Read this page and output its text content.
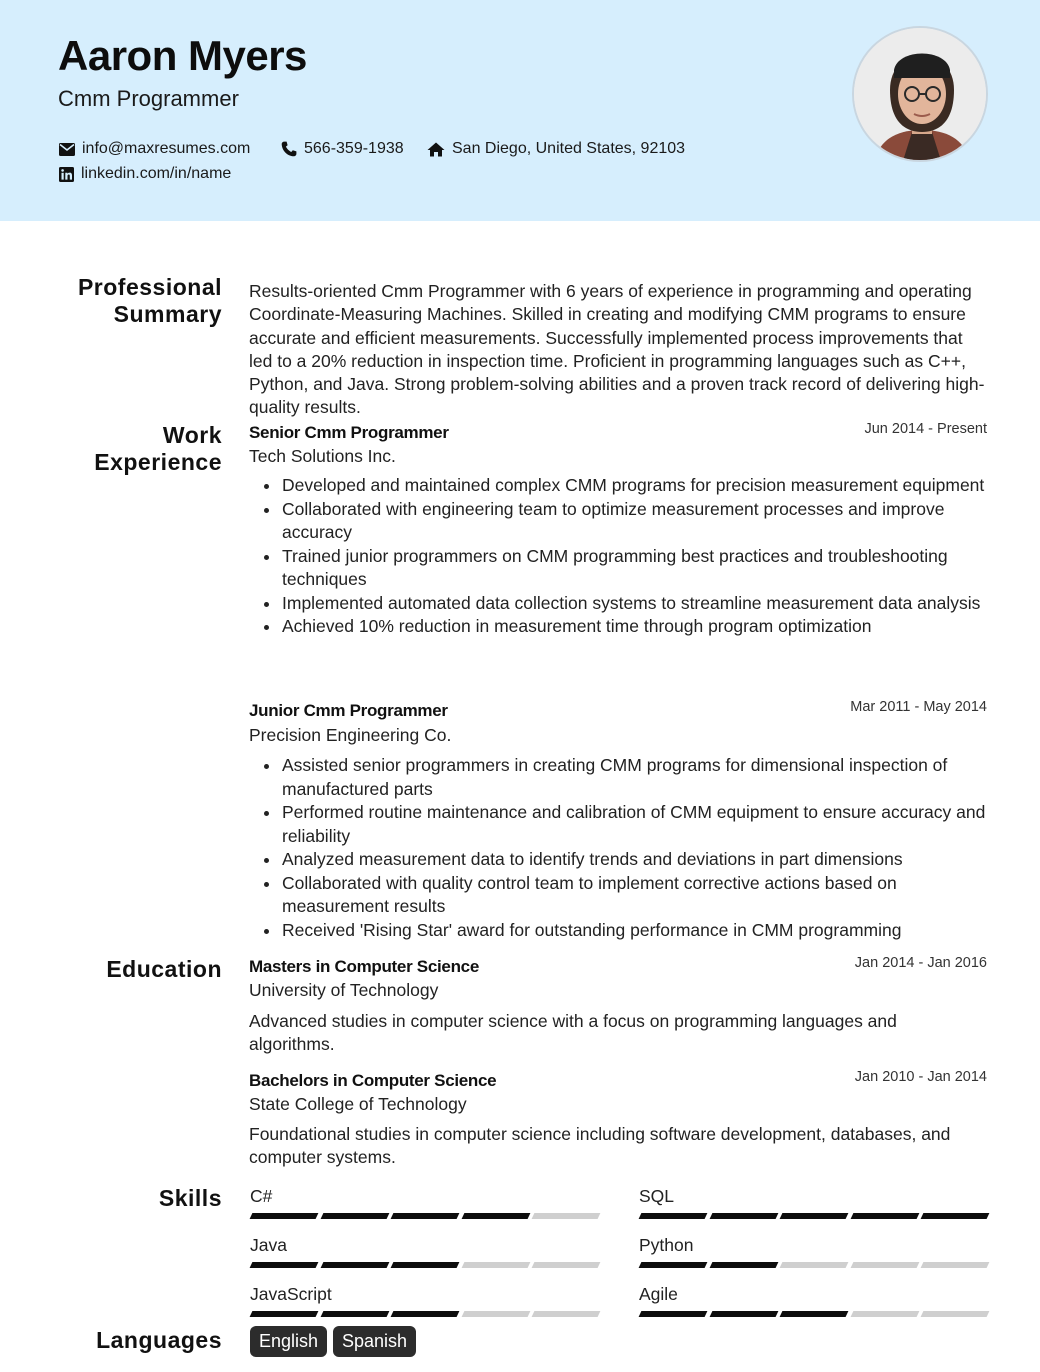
Aaron Myers
Cmm Programmer
info@maxresumes.com	566-359-1938	San Diego, United States, 92103
linkedin.com/in/name
Professional Summary
Results-oriented Cmm Programmer with 6 years of experience in programming and operating Coordinate-Measuring Machines. Skilled in creating and modifying CMM programs to ensure accurate and efficient measurements. Successfully implemented process improvements that led to a 20% reduction in inspection time. Proficient in programming languages such as C++, Python, and Java. Strong problem-solving abilities and a proven track record of delivering high-quality results.
Work Experience
Senior Cmm Programmer	Jun 2014 - Present
Tech Solutions Inc.
Developed and maintained complex CMM programs for precision measurement equipment
Collaborated with engineering team to optimize measurement processes and improve accuracy
Trained junior programmers on CMM programming best practices and troubleshooting techniques
Implemented automated data collection systems to streamline measurement data analysis
Achieved 10% reduction in measurement time through program optimization
Junior Cmm Programmer	Mar 2011 - May 2014
Precision Engineering Co.
Assisted senior programmers in creating CMM programs for dimensional inspection of manufactured parts
Performed routine maintenance and calibration of CMM equipment to ensure accuracy and reliability
Analyzed measurement data to identify trends and deviations in part dimensions
Collaborated with quality control team to implement corrective actions based on measurement results
Received 'Rising Star' award for outstanding performance in CMM programming
Education Masters in Computer Science	Jan 2014 - Jan 2016
University of Technology
Advanced studies in computer science with a focus on programming languages and algorithms.
Bachelors in Computer Science	Jan 2010 - Jan 2014
State College of Technology
Foundational studies in computer science including software development, databases, and computer systems.
Skills C#	SQL
Java	Python
JavaScript	Agile
Languages	English	Spanish
